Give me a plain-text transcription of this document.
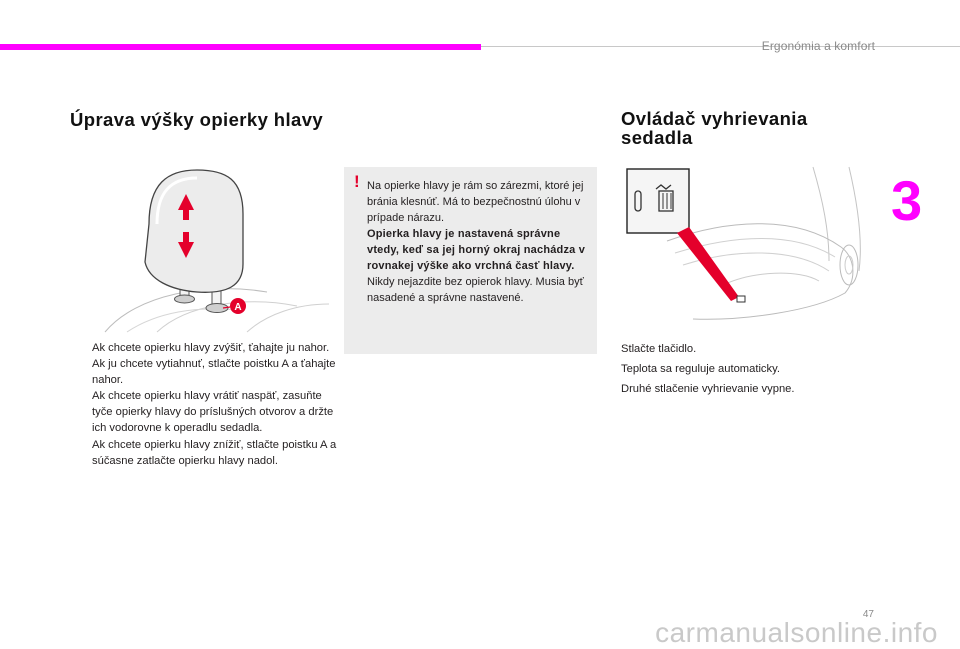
Ergonómia a komfort
3
Úprava výšky opierky hlavy	Ovládač vyhrievania sedadla
A
Ak chcete opierku hlavy zvýšiť, ťahajte ju nahor.
Ak ju chcete vytiahnuť, stlačte poistku A a ťahajte nahor.
Ak chcete opierku hlavy vrátiť naspäť, zasuňte tyče opierky hlavy do príslušných otvorov a držte ich vodorovne k operadlu sedadla.
Ak chcete opierku hlavy znížiť, stlačte poistku A a súčasne zatlačte opierku hlavy nadol.
! Na opierke hlavy je rám so zárezmi, ktoré jej bránia klesnúť. Má to bezpečnostnú úlohu v prípade nárazu.

Opierka hlavy je nastavená správne vtedy, keď sa jej horný okraj nachádza v rovnakej výške ako vrchná časť hlavy.

Nikdy nejazdite bez opierok hlavy. Musia byť nasadené a správne nastavené.

Stlačte tlačidlo.

Teplota sa reguluje automaticky.

Druhé stlačenie vyhrievanie vypne.

47
carmanualsonline.info
